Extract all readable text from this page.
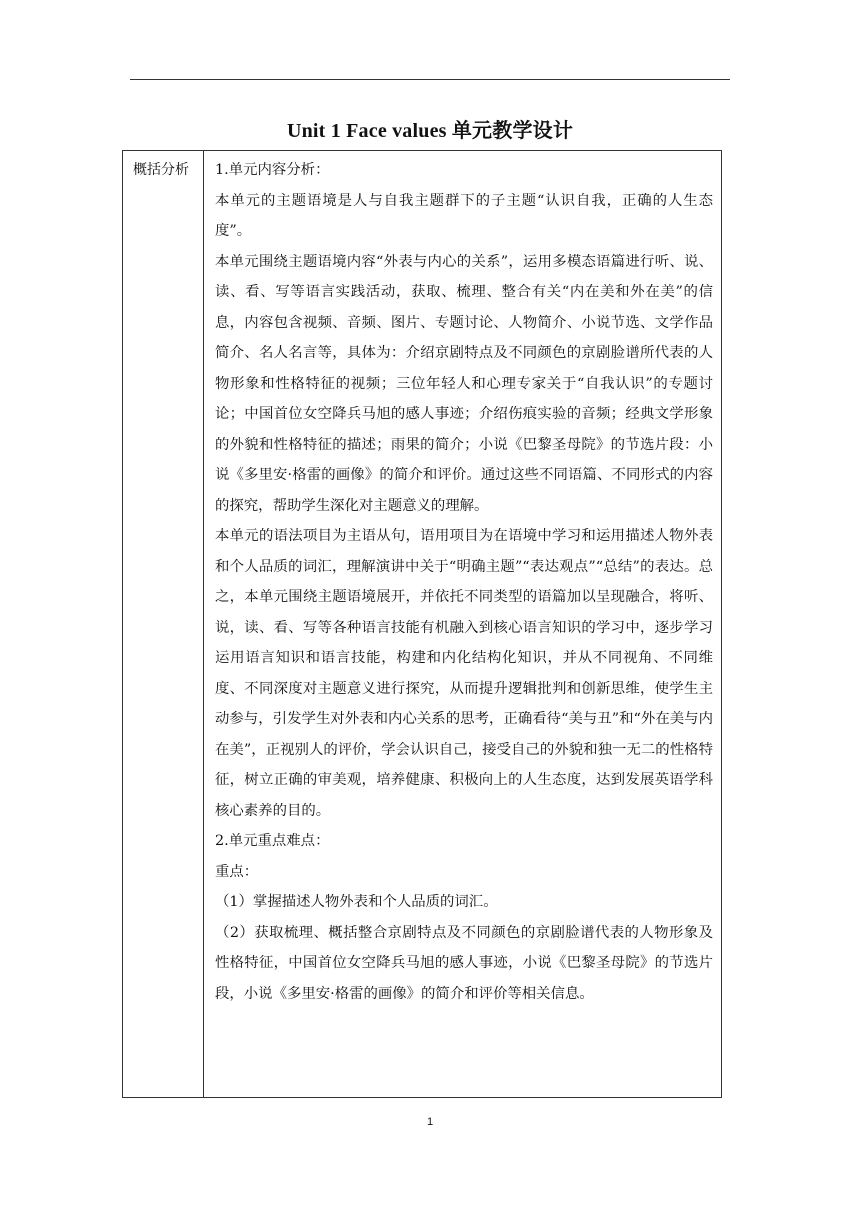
Unit 1 Face values 单元教学设计
概括分析 1.单元内容分析：

本单元的主题语境是人与自我主题群下的子主题“认识自我，正确的人生态度”。

本单元围绕主题语境内容“外表与内心的关系”，运用多模态语篇进行听、说、读、看、写等语言实践活动，获取、梳理、整合有关“内在美和外在美”的信息，内容包含视频、音频、图片、专题讨论、人物简介、小说节选、文学作品简介、名人名言等，具体为：介绍京剧特点及不同颜色的京剧脸谱所代表的人物形象和性格特征的视频；三位年轻人和心理专家关于“自我认识”的专题讨论；中国首位女空降兵马旭的感人事迹；介绍伤痕实验的音频；经典文学形象的外貌和性格特征的描述；雨果的简介；小说《巴黎圣母院》的节选片段：小说《多里安·格雷的画像》的简介和评价。通过这些不同语篇、不同形式的内容的探究，帮助学生深化对主题意义的理解。

本单元的语法项目为主语从句，语用项目为在语境中学习和运用描述人物外表和个人品质的词汇，理解演讲中关于“明确主题”“表达观点”“总结”的表达。总之，本单元围绕主题语境展开，并依托不同类型的语篇加以呈现融合，将听、说，读、看、写等各种语言技能有机融入到核心语言知识的学习中，逐步学习运用语言知识和语言技能，构建和内化结构化知识，并从不同视角、不同维度、不同深度对主题意义进行探究，从而提升逻辑批判和创新思维，使学生主动参与，引发学生对外表和内心关系的思考，正确看待“美与丑”和“外在美与内在美”，正视别人的评价，学会认识自己，接受自己的外貌和独一无二的性格特征，树立正确的审美观，培养健康、积极向上的人生态度，达到发展英语学科核心素养的目的。

2.单元重点难点：

重点：

（1）掌握描述人物外表和个人品质的词汇。

（2）获取梳理、概括整合京剧特点及不同颜色的京剧脸谱代表的人物形象及性格特征，中国首位女空降兵马旭的感人事迹，小说《巴黎圣母院》的节选片段，小说《多里安·格雷的画像》的简介和评价等相关信息。

1
